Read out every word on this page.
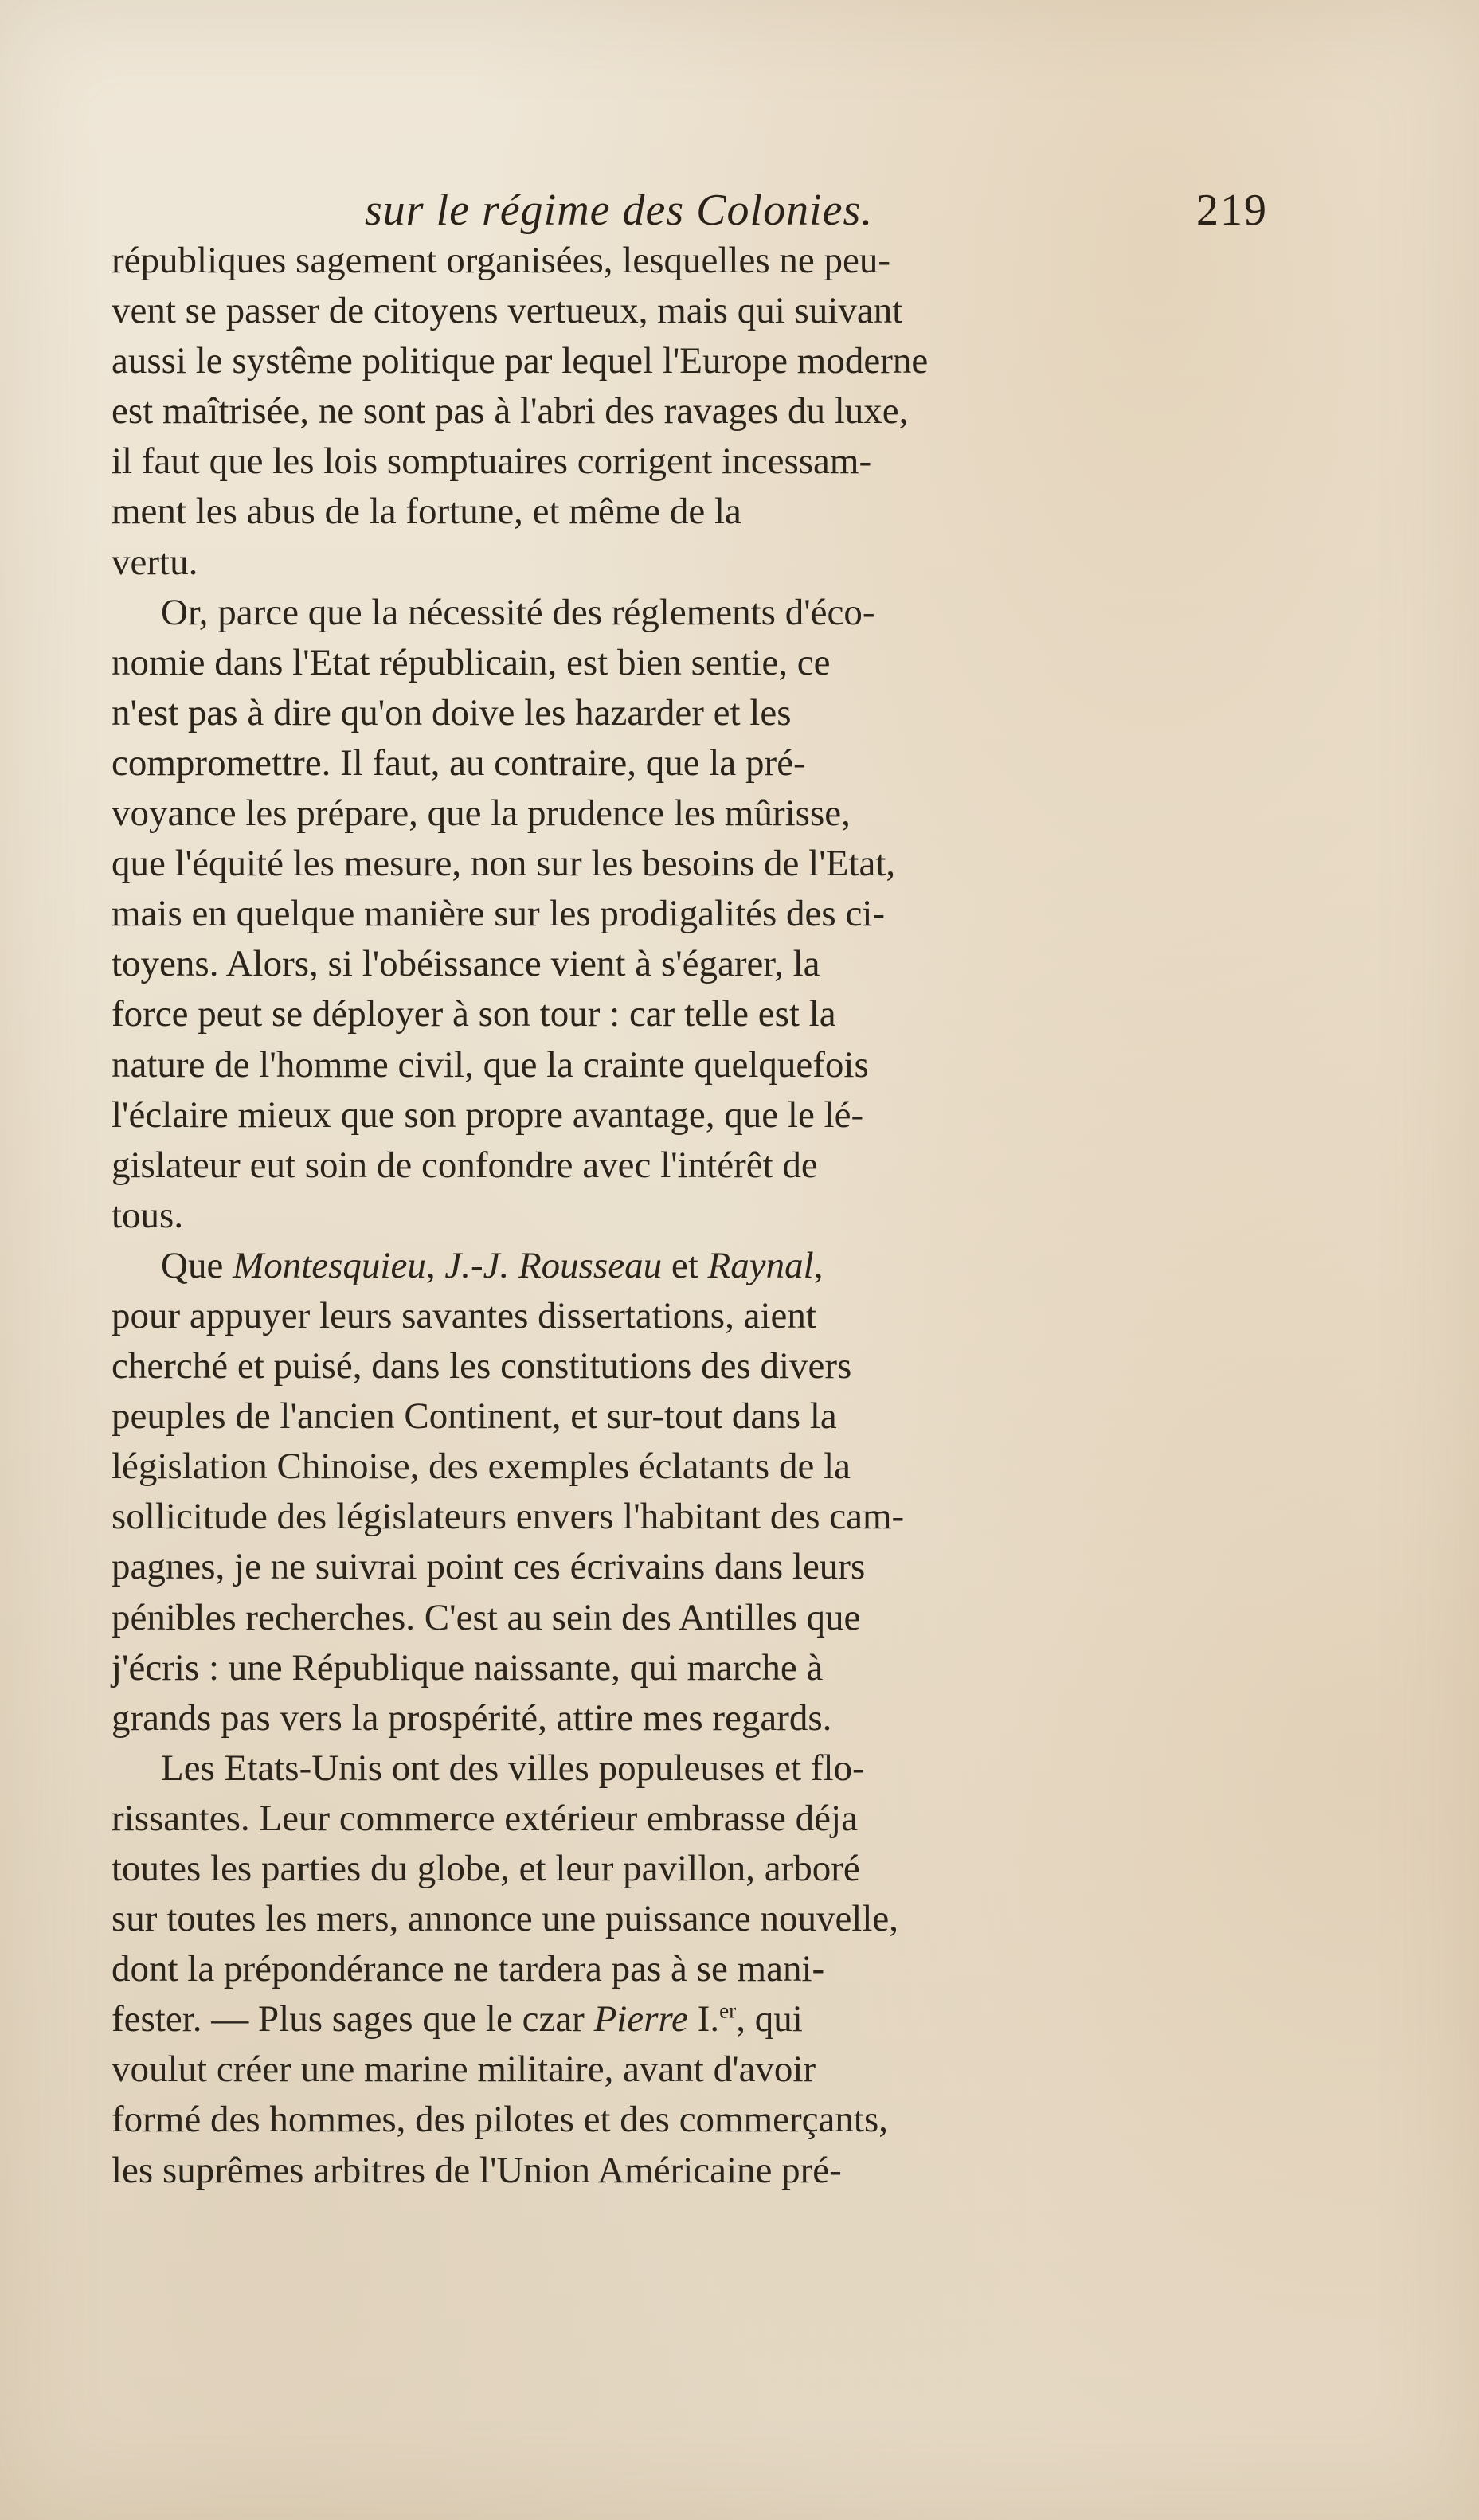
sur le régime des Colonies.	219
républiques sagement organisées, lesquelles ne peu-
vent se passer de citoyens vertueux, mais qui suivant
aussi le systême politique par lequel l'Europe moderne
est maîtrisée, ne sont pas à l'abri des ravages du luxe,
il faut que les lois somptuaires corrigent incessam-
ment les abus de la fortune, et même de la
vertu.
Or, parce que la nécessité des réglements d'éco-
nomie dans l'Etat républicain, est bien sentie, ce
n'est pas à dire qu'on doive les hazarder et les
compromettre. Il faut, au contraire, que la pré-
voyance les prépare, que la prudence les mûrisse,
que l'équité les mesure, non sur les besoins de l'Etat,
mais en quelque manière sur les prodigalités des ci-
toyens. Alors, si l'obéissance vient à s'égarer, la
force peut se déployer à son tour : car telle est la
nature de l'homme civil, que la crainte quelquefois
l'éclaire mieux que son propre avantage, que le lé-
gislateur eut soin de confondre avec l'intérêt de
tous.
Que Montesquieu, J.-J. Rousseau et Raynal,
pour appuyer leurs savantes dissertations, aient
cherché et puisé, dans les constitutions des divers
peuples de l'ancien Continent, et sur-tout dans la
législation Chinoise, des exemples éclatants de la
sollicitude des législateurs envers l'habitant des cam-
pagnes, je ne suivrai point ces écrivains dans leurs
pénibles recherches. C'est au sein des Antilles que
j'écris : une République naissante, qui marche à
grands pas vers la prospérité, attire mes regards.
Les Etats-Unis ont des villes populeuses et flo-
rissantes. Leur commerce extérieur embrasse déja
toutes les parties du globe, et leur pavillon, arboré
sur toutes les mers, annonce une puissance nouvelle,
dont la prépondérance ne tardera pas à se mani-
fester. — Plus sages que le czar Pierre I.$^{er}$, qui
voulut créer une marine militaire, avant d'avoir
formé des hommes, des pilotes et des commerçants,
les suprêmes arbitres de l'Union Américaine pré-
